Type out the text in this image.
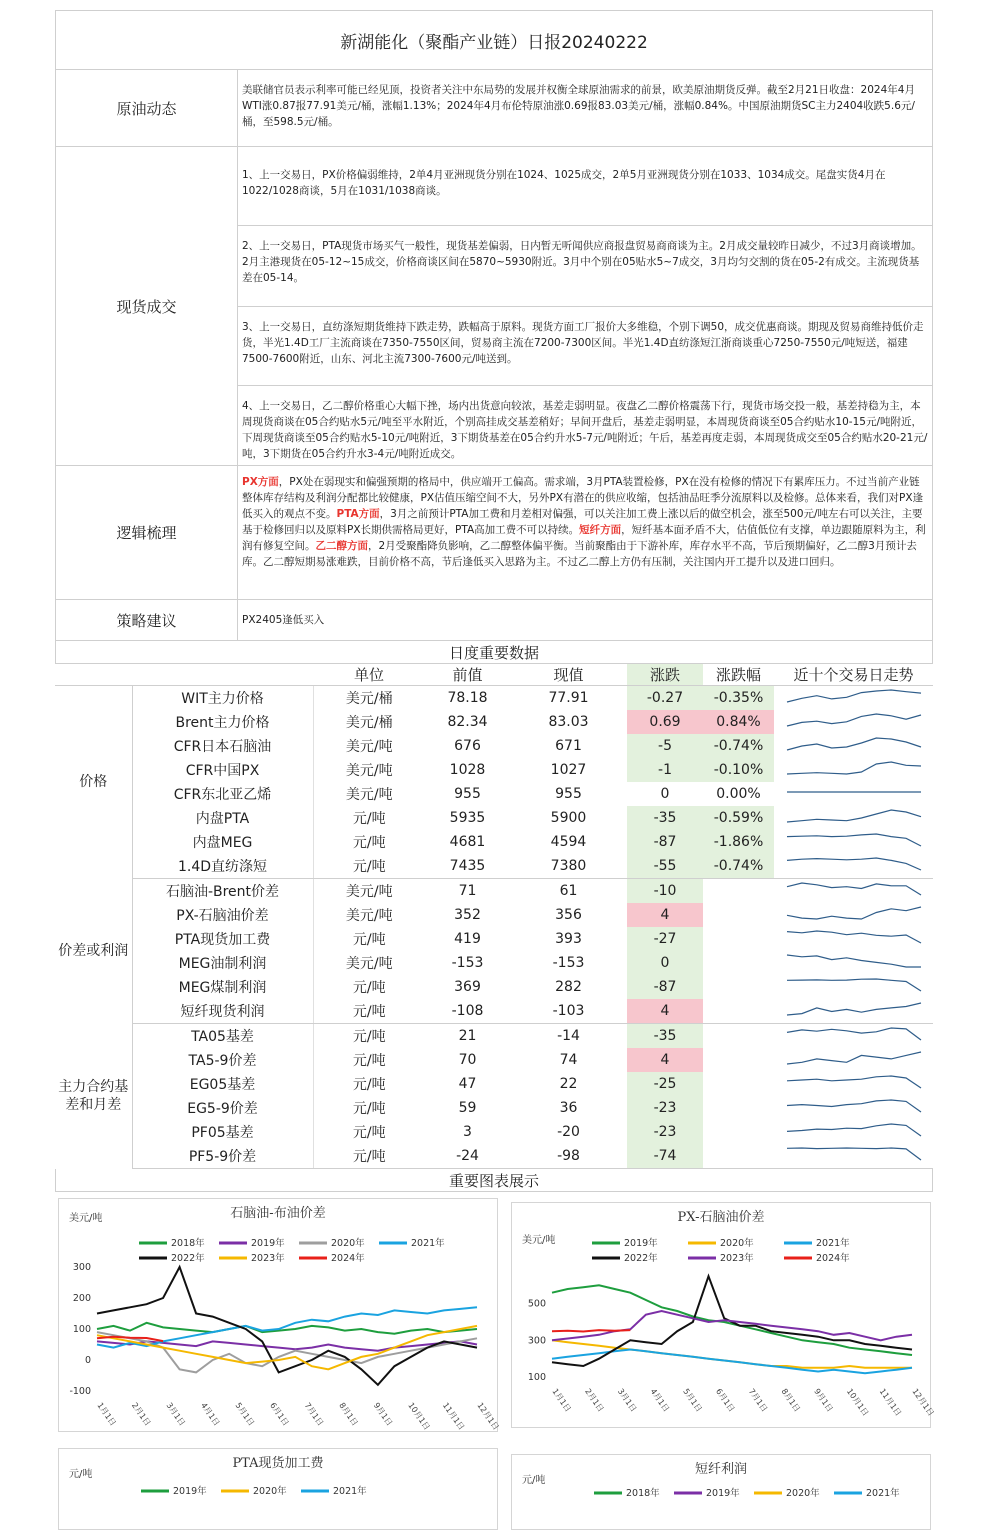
新湖能化（聚酯产业链）日报20240222
原油动态
美联储官员表示利率可能已经见顶，投资者关注中东局势的发展并权衡全球原油需求的前景，欧美原油期货反弹。截至2月21日收盘：2024年4月WTI涨0.87报77.91美元/桶，涨幅1.13%；2024年4月布伦特原油涨0.69报83.03美元/桶，涨幅0.84%。中国原油期货SC主力2404收跌5.6元/桶，至598.5元/桶。
现货成交
1、上一交易日，PX价格偏弱维持，2单4月亚洲现货分别在1024、1025成交，2单5月亚洲现货分别在1033、1034成交。尾盘实货4月在1022/1028商谈，5月在1031/1038商谈。
2、上一交易日，PTA现货市场买气一般性，现货基差偏弱，日内暂无听闻供应商报盘贸易商商谈为主。2月成交量较昨日减少，不过3月商谈增加。2月主港现货在05-12~15成交，价格商谈区间在5870~5930附近。3月中个别在05贴水5~7成交，3月均匀交割的货在05-2有成交。主流现货基差在05-14。
3、上一交易日，直纺涤短期货维持下跌走势，跌幅高于原料。现货方面工厂报价大多维稳，个别下调50，成交优惠商谈。期现及贸易商维持低价走货，半光1.4D工厂主流商谈在7350-7550区间，贸易商主流在7200-7300区间。半光1.4D直纺涤短江浙商谈重心7250-7550元/吨短送，福建7500-7600附近，山东、河北主流7300-7600元/吨送到。
4、上一交易日，乙二醇价格重心大幅下挫，场内出货意向较浓，基差走弱明显。夜盘乙二醇价格震荡下行，现货市场交投一般，基差持稳为主，本周现货商谈在05合约贴水5元/吨至平水附近，个别高挂成交基差稍好；早间开盘后，基差走弱明显，本周现货商谈至05合约贴水10-15元/吨附近，下周现货商谈至05合约贴水5-10元/吨附近，3下期货基差在05合约升水5-7元/吨附近；午后，基差再度走弱，本周现货成交至05合约贴水20-21元/吨，3下期货在05合约升水3-4元/吨附近成交。
逻辑梳理
PX方面，PX处在弱现实和偏强预期的格局中，供应端开工偏高。需求端，3月PTA装置检修，PX在没有检修的情况下有累库压力。不过当前产业链整体库存结构及利润分配都比较健康，PX估值压缩空间不大，另外PX有潜在的供应收缩，包括油品旺季分流原料以及检修。总体来看，我们对PX逢低买入的观点不变。PTA方面，3月之前预计PTA加工费和月差相对偏强，可以关注加工费上涨以后的做空机会，涨至500元/吨左右可以关注，主要基于检修回归以及原料PX长期供需格局更好，PTA高加工费不可以持续。短纤方面，短纤基本面矛盾不大，估值低位有支撑，单边跟随原料为主，利润有修复空间。乙二醇方面，2月受聚酯降负影响，乙二醇整体偏平衡。当前聚酯由于下游补库，库存水平不高，节后预期偏好，乙二醇3月预计去库。乙二醇短期易涨难跌，目前价格不高，节后逢低买入思路为主。不过乙二醇上方仍有压制，关注国内开工提升以及进口回归。
策略建议	PX2405逢低买入
日度重要数据
		单位	前值	现值	涨跌	涨跌幅	近十个交易日走势
价格	WIT主力价格	美元/桶	78.18	77.91	-0.27	-0.35%	
	Brent主力价格	美元/桶	82.34	83.03	0.69	0.84%	
	CFR日本石脑油	美元/吨	676	671	-5	-0.74%	
	CFR中国PX	美元/吨	1028	1027	-1	-0.10%	
	CFR东北亚乙烯	美元/吨	955	955	0	0.00%	
	内盘PTA	元/吨	5935	5900	-35	-0.59%	
	内盘MEG	元/吨	4681	4594	-87	-1.86%	
	1.4D直纺涤短	元/吨	7435	7380	-55	-0.74%	
价差或利润	石脑油-Brent价差	美元/吨	71	61	-10		
	PX-石脑油价差	美元/吨	352	356	4		
	PTA现货加工费	元/吨	419	393	-27		
	MEG油制利润	美元/吨	-153	-153	0		
	MEG煤制利润	元/吨	369	282	-87		
	短纤现货利润	元/吨	-108	-103	4		
主力合约基差和月差	TA05基差	元/吨	21	-14	-35		
	TA5-9价差	元/吨	70	74	4		
	EG05基差	元/吨	47	22	-25		
	EG5-9价差	元/吨	59	36	-23		
	PF05基差	元/吨	3	-20	-23		
	PF5-9价差	元/吨	-24	-98	-74		
重要图表展示
石脑油-布油价差
美元/吨
2018年	2019年	2020年	2021年
2022年	2023年	2024年
300
200
100
0
-100
1月1日 2月1日 3月1日 4月1日 5月1日 6月1日 7月1日 8月1日 9月1日 10月1日 11月1日 12月1日
PX-石脑油价差
美元/吨	2019年	2020年	2021年
2022年	2023年	2024年
500
300
100
1月1日 2月1日 3月1日 4月1日 5月1日 6月1日 7月1日 8月1日 9月1日 10月1日 11月1日 12月1日
PTA现货加工费
元/吨
2019年	2020年	2021年
短纤利润
元/吨
2018年	2019年	2020年	2021年
